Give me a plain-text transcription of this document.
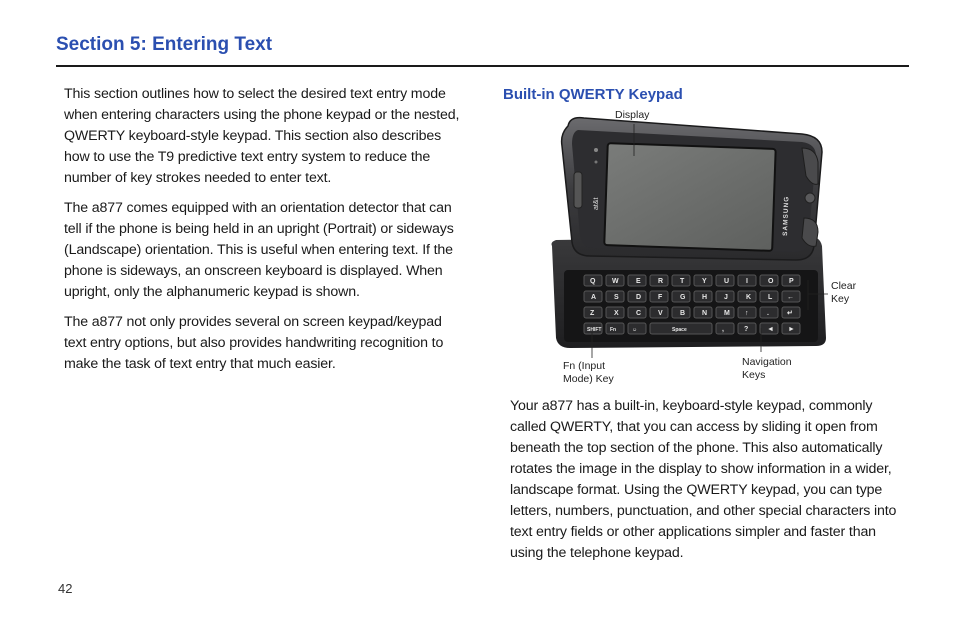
Section 5: Entering Text

This section outlines how to select the desired text entry mode when entering characters using the phone keypad or the nested, QWERTY keyboard-style keypad. This section also describes how to use the T9 predictive text entry system to reduce the number of key strokes needed to enter text.

The a877 comes equipped with an orientation detector that can tell if the phone is being held in an upright (Portrait) or sideways (Landscape) orientation. This is useful when entering text. If the phone is sideways, an onscreen keyboard is displayed. When upright, only the alphanumeric keypad is shown.

The a877 not only provides several on screen keypad/keypad text entry options, but also provides handwriting recognition to make the task of text entry that much easier.

Built-in QWERTY Keypad
Q W E R T	Y U I	O P
A	S D F	G H J	K L ←
Z	X C V B N M ↑	.	↵
SHIFT Fn	☺	Space	,	?	◄ ►
at&t	SAMSUNG
Display
Clear
Key
Fn (Input
Mode) Key
Navigation
Keys

Your a877 has a built-in, keyboard-style keypad, commonly called QWERTY, that you can access by sliding it open from beneath the top section of the phone. This also automatically rotates the image in the display to show information in a wider, landscape format. Using the QWERTY keypad, you can type letters, numbers, punctuation, and other special characters into text entry fields or other applications simpler and faster than using the telephone keypad.

42
